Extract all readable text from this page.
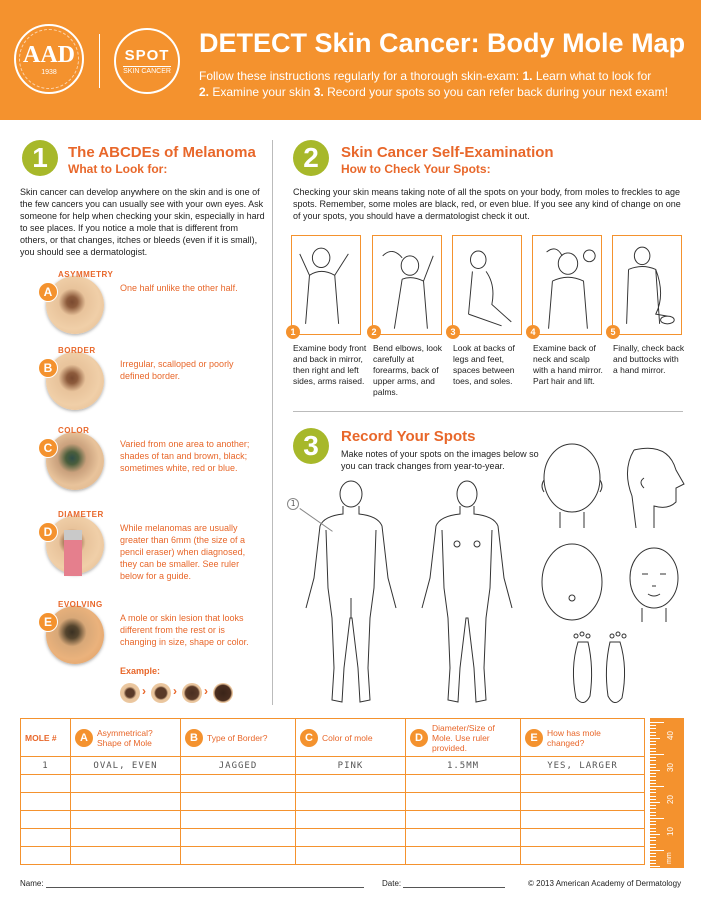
AAD
1938
SPOT
SKIN CANCER
DETECT Skin Cancer: Body Mole Map
Follow these instructions regularly for a thorough skin-exam: 1. Learn what to look for
2. Examine your skin 3. Record your spots so you can refer back during your next exam!
1	The ABCDEs of Melanoma
What to Look for:
Skin cancer can develop anywhere on the skin and is one of the few cancers you can usually see with your own eyes. Ask someone for help when checking your skin, especially in hard to see places. If you notice a mole that is different from others, or that changes, itches or bleeds (even if it is small), you should see a dermatologist.
A
ASYMMETRY
One half unlike the other half.
B
BORDER
Irregular, scalloped or poorly defined border.
C
COLOR
Varied from one area to another; shades of tan and brown, black; sometimes white, red or blue.
D
DIAMETER
While melanomas are usually greater than 6mm (the size of a pencil eraser) when diagnosed, they can be smaller. See ruler below for a guide.
E
EVOLVING
A mole or skin lesion that looks different from the rest or is changing in size, shape or color.
Example:
› › ›
2	Skin Cancer Self-Examination
How to Check Your Spots:
Checking your skin means taking note of all the spots on your body, from moles to freckles to age spots. Remember, some moles are black, red, or even blue. If you see any kind of change on one of your spots, you should have a dermatologist check it out.
1	2	3	4	5
Examine body front and back in mirror, then right and left sides, arms raised.
Bend elbows, look carefully at forearms, back of upper arms, and palms.
Look at backs of legs and feet, spaces between toes, and soles.
Examine back of neck and scalp with a hand mirror. Part hair and lift.
Finally, check back and buttocks with a hand mirror.
3	Record Your Spots
Make notes of your spots on the images below so you can track changes from year-to-year.
1
MOLE #	A Asymmetrical? Shape of Mole	B Type of Border?	C Color of mole	DDiameter/Size of Mole. Use ruler provided.	E How has mole changed?
1	OVAL, EVEN	JAGGED	PINK	1.5MM	YES, LARGER

40
30
20
10
mm
Name:	Date:	© 2013 American Academy of Dermatology
